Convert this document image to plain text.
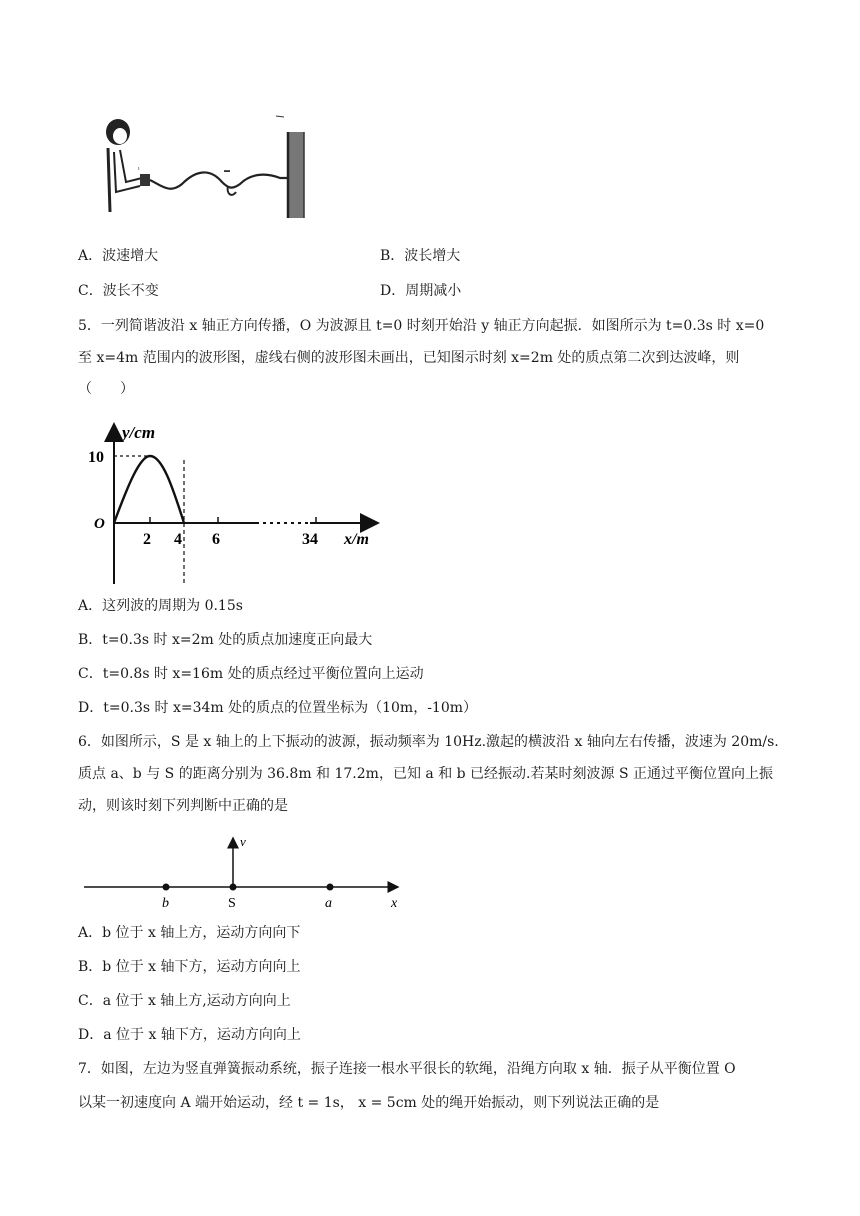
ı	▬
A．波速增大	B．波长增大
C．波长不变	D．周期减小
5．一列简谐波沿 x 轴正方向传播，O 为波源且 t=0 时刻开始沿 y 轴正方向起振．如图所示为 t=0.3s 时 x=0
至 x=4m 范围内的波形图，虚线右侧的波形图未画出，已知图示时刻 x=2m 处的质点第二次到达波峰，则
（　　）
y/cm
10
O
2 4 6	34 x/m
A．这列波的周期为 0.15s
B．t=0.3s 时 x=2m 处的质点加速度正向最大
C．t=0.8s 时 x=16m 处的质点经过平衡位置向上运动
D．t=0.3s 时 x=34m 处的质点的位置坐标为（10m，-10m）
6．如图所示，S 是 x 轴上的上下振动的波源，振动频率为 10Hz.激起的横波沿 x 轴向左右传播，波速为 20m/s.
质点 a、b 与 S 的距离分别为 36.8m 和 17.2m，已知 a 和 b 已经振动.若某时刻波源 S 正通过平衡位置向上振
动，则该时刻下列判断中正确的是
v
b	S	a	x
A．b 位于 x 轴上方，运动方向向下
B．b 位于 x 轴下方，运动方向向上
C．a 位于 x 轴上方,运动方向向上
D．a 位于 x 轴下方，运动方向向上
7．如图，左边为竖直弹簧振动系统，振子连接一根水平很长的软绳，沿绳方向取 x 轴．振子从平衡位置 O
以某一初速度向 A 端开始运动，经 t = 1s， x = 5cm 处的绳开始振动，则下列说法正确的是
